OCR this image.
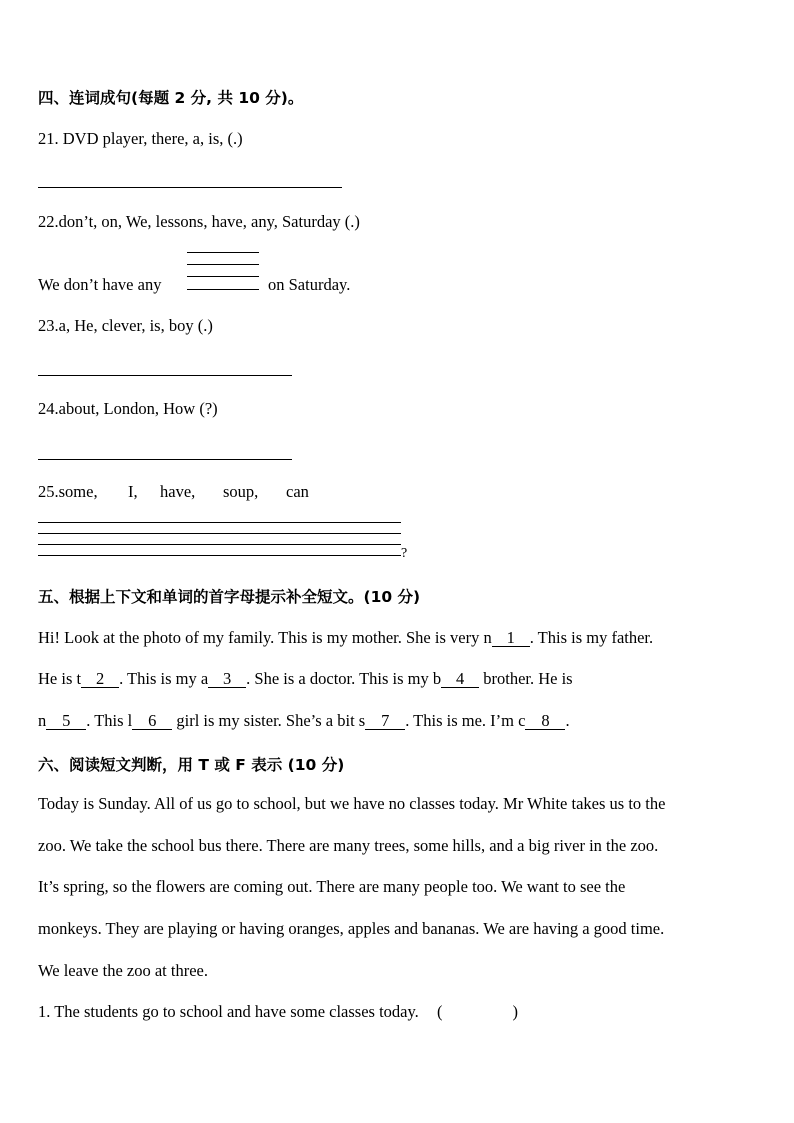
四、连词成句(每题 2 分, 共 10 分)。
21. DVD player, there, a, is, (.)
22.don’t, on, We, lessons, have, any, Saturday (.)
We don’t have any	on Saturday.
23.a, He, clever, is, boy (.)
24.about, London, How (?)
25.some, I, have, soup, can
?
五、根据上下文和单词的首字母提示补全短文。(10 分)
Hi! Look at the photo of my family. This is my mother. She is very n 1 . This is my father.
He is t 2 . This is my a 3 . She is a doctor. This is my b 4 brother. He is
n 5 . This l 6 girl is my sister. She’s a bit s 7 . This is me. I’m c 8 .
六、阅读短文判断，用 T 或 F 表示 (10 分)
Today is Sunday. All of us go to school, but we have no classes today. Mr White takes us to the
zoo. We take the school bus there. There are many trees, some hills, and a big river in the zoo.
It’s spring, so the flowers are coming out. There are many people too. We want to see the
monkeys. They are playing or having oranges, apples and bananas. We are having a good time.
We leave the zoo at three.
1. The students go to school and have some classes today. (	)
